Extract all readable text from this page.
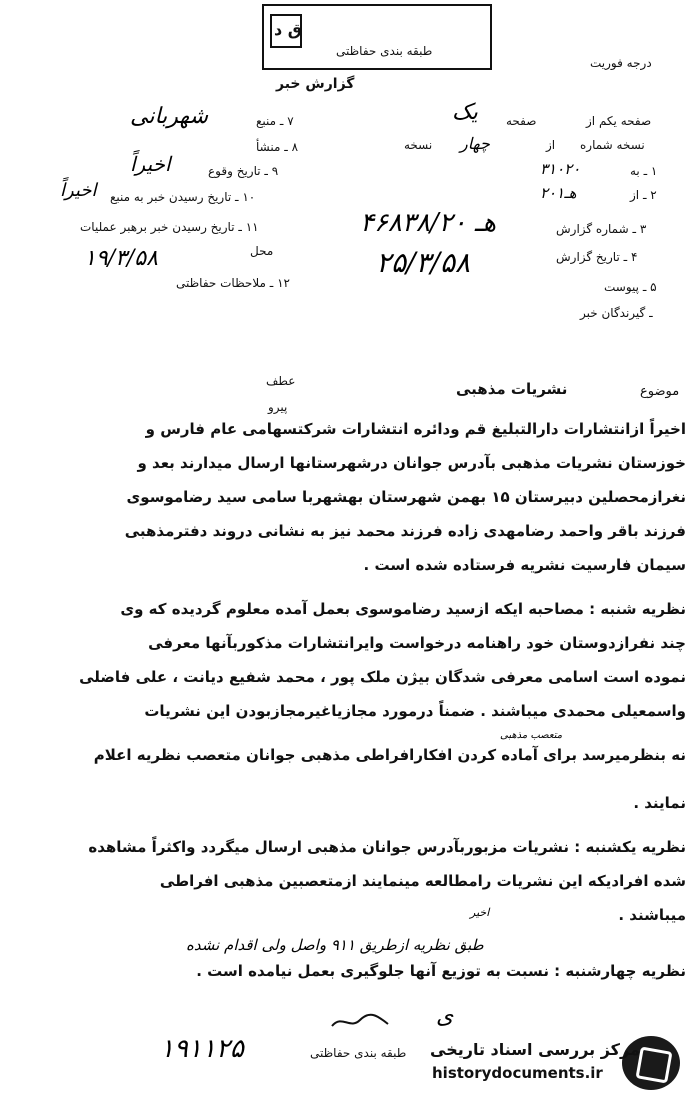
ق د
طبقه بندی حفاظتی
درجه فوریت
گزارش خبر
صفحه یکم از
یک صفحه
نسخه شماره
چهار	از
نسخه
۱ ـ به
۳۱۰۲۰
۲ ـ از
۲۰هـ۱
۳ ـ شماره گزارش
۴۶۸۳۸/۲۰ هـ
۴ ـ تاریخ گزارش
۲۵/۳/۵۸
۵ ـ پیوست
ـ گیرندگان خبر
۷ ـ منبع
شهربانی
۸ ـ منشأ
۹ ـ تاریخ وقوع
اخیراً
۱۰ ـ تاریخ رسیدن خبر به منبع
اخیراً
۱۱ ـ تاریخ رسیدن خبر برهبر عملیات
محل
۱۹/۳/۵۸
۱۲ ـ ملاحظات حفاظتی
عطف
پیرو
موضوع
نشریات مذهبی
اخیراً ازانتشارات دارالتبلیغ قم ودائره انتشارات شرکتسهامی عام فارس و
خوزستان نشریات مذهبی بآدرس جوانان درشهرستانها ارسال میدارند بعد و
نغرازمحصلین دبیرستان ۱۵ بهمن شهرستان بهشهربا سامی سید رضاموسوی
فرزند باقر واحمد رضامهدی زاده فرزند محمد نیز به نشانی دروند دفترمذهبی
سیمان فارسیت نشریه فرستاده شده است .
نظریه شنبه : مصاحبه ایکه ازسید رضاموسوی بعمل آمده معلوم گردیده که وی
چند نفرازدوستان خود راهنامه درخواست وایرانتشارات مذکوربآنها معرفی
نموده است اسامی معرفی شدگان بیژن ملک پور ، محمد شفیع دیانت ، علی فاضلی
واسمعیلی محمدی میباشند . ضمناً درمورد مجازیاغیرمجازبودن این نشریات
متعصب مذهبی
نه بنظرمیرسد برای آماده کردن افکارافراطی مذهبی جوانان متعصب نظریه اعلام
نمایند .
نظریه یکشنبه : نشریات مزبوربآدرس جوانان مذهبی ارسال میگردد واکثراً مشاهده
شده افرادیکه این نشریات رامطالعه مینمایند ازمتعصبین مذهبی افراطی
میباشند .
طبق نظریه ازطریق ۹۱۱ واصل ولی اقدام نشده
اخیر
نظریه چهارشنبه : نسبت به توزیع آنها جلوگیری بعمل نیامده است .
ی
طبقه بندی حفاظتی
۱۹۱۱۲۵	مرکز بررسی اسناد تاریخی
historydocuments.ir
